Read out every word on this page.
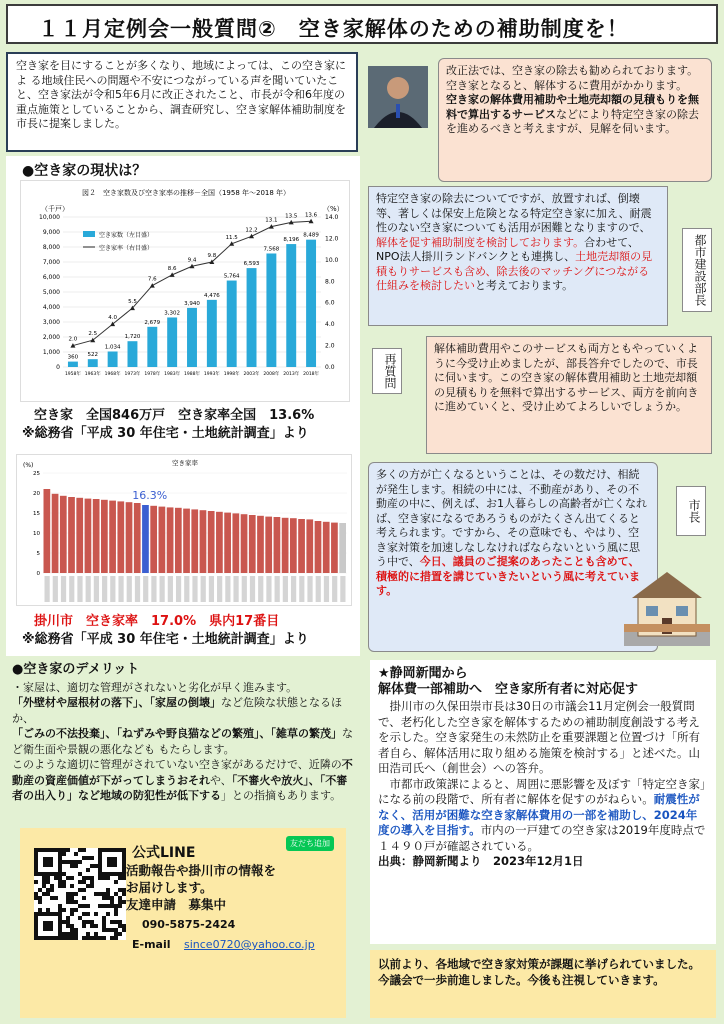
１１月定例会一般質問②　空き家解体のための補助制度を！
空き家を目にすることが多くなり、地域によっては、この空き家によ る地域住民への問題や不安につながっている声を聞いていたこと、空き家法が令和5年6月に改正されたこと、市長が令和6年度の重点施策としていることから、調査研究し、空き家解体補助制度を市長に提案しました。
●空き家の現状は？
図２　空き家数及び空き家率の推移－全国（1958 年～2018 年）
（千戸）	（%）
0
1,000
2,000
3,000
4,000
5,000
6,000
7,000
8,000
9,000
10,000
0.0
2.0
4.0
6.0
8.0
10.0
12.0
14.0
360
1958年
522
1963年
1,034
1968年
1,720
1973年
2,679
1978年
3,302
1983年
3,940
1988年
4,476
1993年
5,764
1998年
6,593
2003年
7,568
2008年
8,196
2013年
8,489
2018年
2.0
2.5
4.0
5.5
7.6
8.6
9.4
9.8
11.5
12.2
13.1
13.5 13.6
空き家数（左目盛）
空き家率（右目盛）
空き家　全国846万戸　空き家率全国　13.6%
※総務省「平成 30 年住宅・土地統計調査」より
空き家率
(%)
0
5
10
15
20
25
16.3%
掛川市　空き家率　17.0%　県内17番目
※総務省「平成 30 年住宅・土地統計調査」より
●空き家のデメリット
・家屋は、適切な管理がされないと劣化が早く進みます。
「外壁材や屋根材の落下」、「家屋の倒壊」など危険な状態となるほか、「ごみの不法投棄」、「ねずみや野良猫などの繁殖」、「雑草の繁茂」など衛生面や景観の悪化なども もたらします。
このような適切に管理がされていない空き家があるだけで、近隣の不動産の資産価値が下がってしまうおそれや、「不審火や放火」、「不審者の出入り」など地域の防犯性が低下する」との指摘もあります。
公式LINE
友だち追加
活動報告や掛川市の情報を
お届けします。
友達申請　募集中
090-5875-2424
E-mail since0720@yahoo.co.jp
改正法では、空き家の除去も勧められております。空き家となると、解体するに費用がかかります。
空き家の解体費用補助や土地売却額の見積もりを無料で算出するサービスなどにより特定空き家の除去を進めるべきと考えますが、見解を伺います。
特定空き家の除去についてですが、放置すれば、倒壊等、著しくは保安上危険となる特定空き家に加え、耐震性のない空き家についても活用が困難となりますので、解体を促す補助制度を検討しております。合わせて、NPO法人掛川ランドバンクとも連携し、土地売却額の見積もりサービスも含め、除去後のマッチングにつながる仕組みを検討したいと考えております。	都市建設部長
再質問
解体補助費用やこのサービスも両方ともやっていくように今受け止めましたが、部長答弁でしたので、市長に伺います。この空き家の解体費用補助と土地売却額の見積もりを無料で算出するサービス、両方を前向きに進めていくと、受け止めてよろしいでしょうか。
多くの方が亡くなるということは、その数だけ、相続が発生します。相続の中には、不動産があり、その不動産の中に、例えば、お1人暮らしの高齢者が亡くなれば、空き家になるであろうものがたくさん出てくると考えられます。ですから、その意味でも、やはり、空き家対策を加速しなしなければならないという風に思う中で、今日、議員のご提案のあったことも含めて、積極的に措置を講じていきたいという風に考えています。
市長
★静岡新聞から
解体費一部補助へ　空き家所有者に対応促す
掛川市の久保田崇市長は30日の市議会11月定例会一般質問で、老朽化した空き家を解体するための補助制度創設する考えを示した。空き家発生の未然防止を重要課題と位置づけ「所有者自ら、解体活用に取り組める施策を検討する」と述べた。山田浩司氏へ（創世会）への答弁。
市都市政策課によると、周囲に悪影響を及ぼす「特定空き家」になる前の段階で、所有者に解体を促すのがねらい。耐震性がなく、活用が困難な空き家解体費用の一部を補助し、2024年度の導入を目指す。市内の一戸建ての空き家は2019年度時点で１４９０戸が確認されている。
出典：静岡新聞より　2023年12月1日
以前より、各地域で空き家対策が課題に挙げられていました。今議会で一歩前進しました。今後も注視していきます。
